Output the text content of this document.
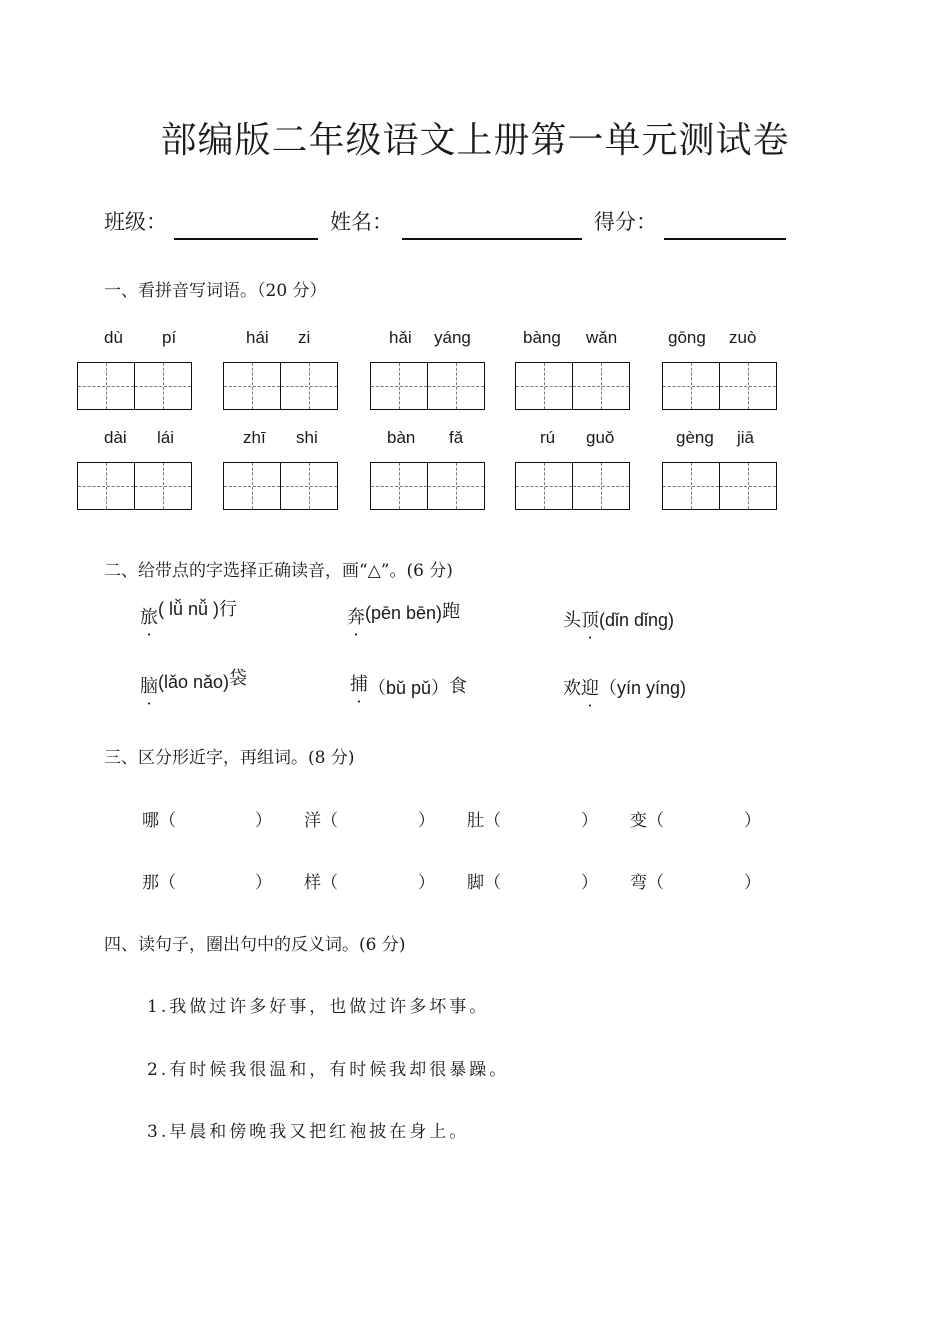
部编版二年级语文上册第一单元测试卷
班级：	姓名：	得分：
一、看拼音写词语。（20 分）
dù pí	hái zi	hǎi yáng	bàng wǎn	gōng zuò
dài lái	zhī shi	bàn fǎ	rú guǒ	gèng jiā
二、给带点的字选择正确读音，画“△”。(6 分)
旅( lǚ nǚ )行	奔(pēn bēn)跑	头顶(dǐn dǐng)
脑(lǎo nǎo)袋	捕（bǔ pǔ）食	欢迎（yín yíng)
三、区分形近字，再组词。(8 分)
哪（	） 洋（	） 肚（	） 变（	）
那（	） 样（	） 脚（	） 弯（	）
四、读句子，圈出句中的反义词。(6 分)
1.我做过许多好事，也做过许多坏事。
2.有时候我很温和，有时候我却很暴躁。
3.早晨和傍晚我又把红袍披在身上。
